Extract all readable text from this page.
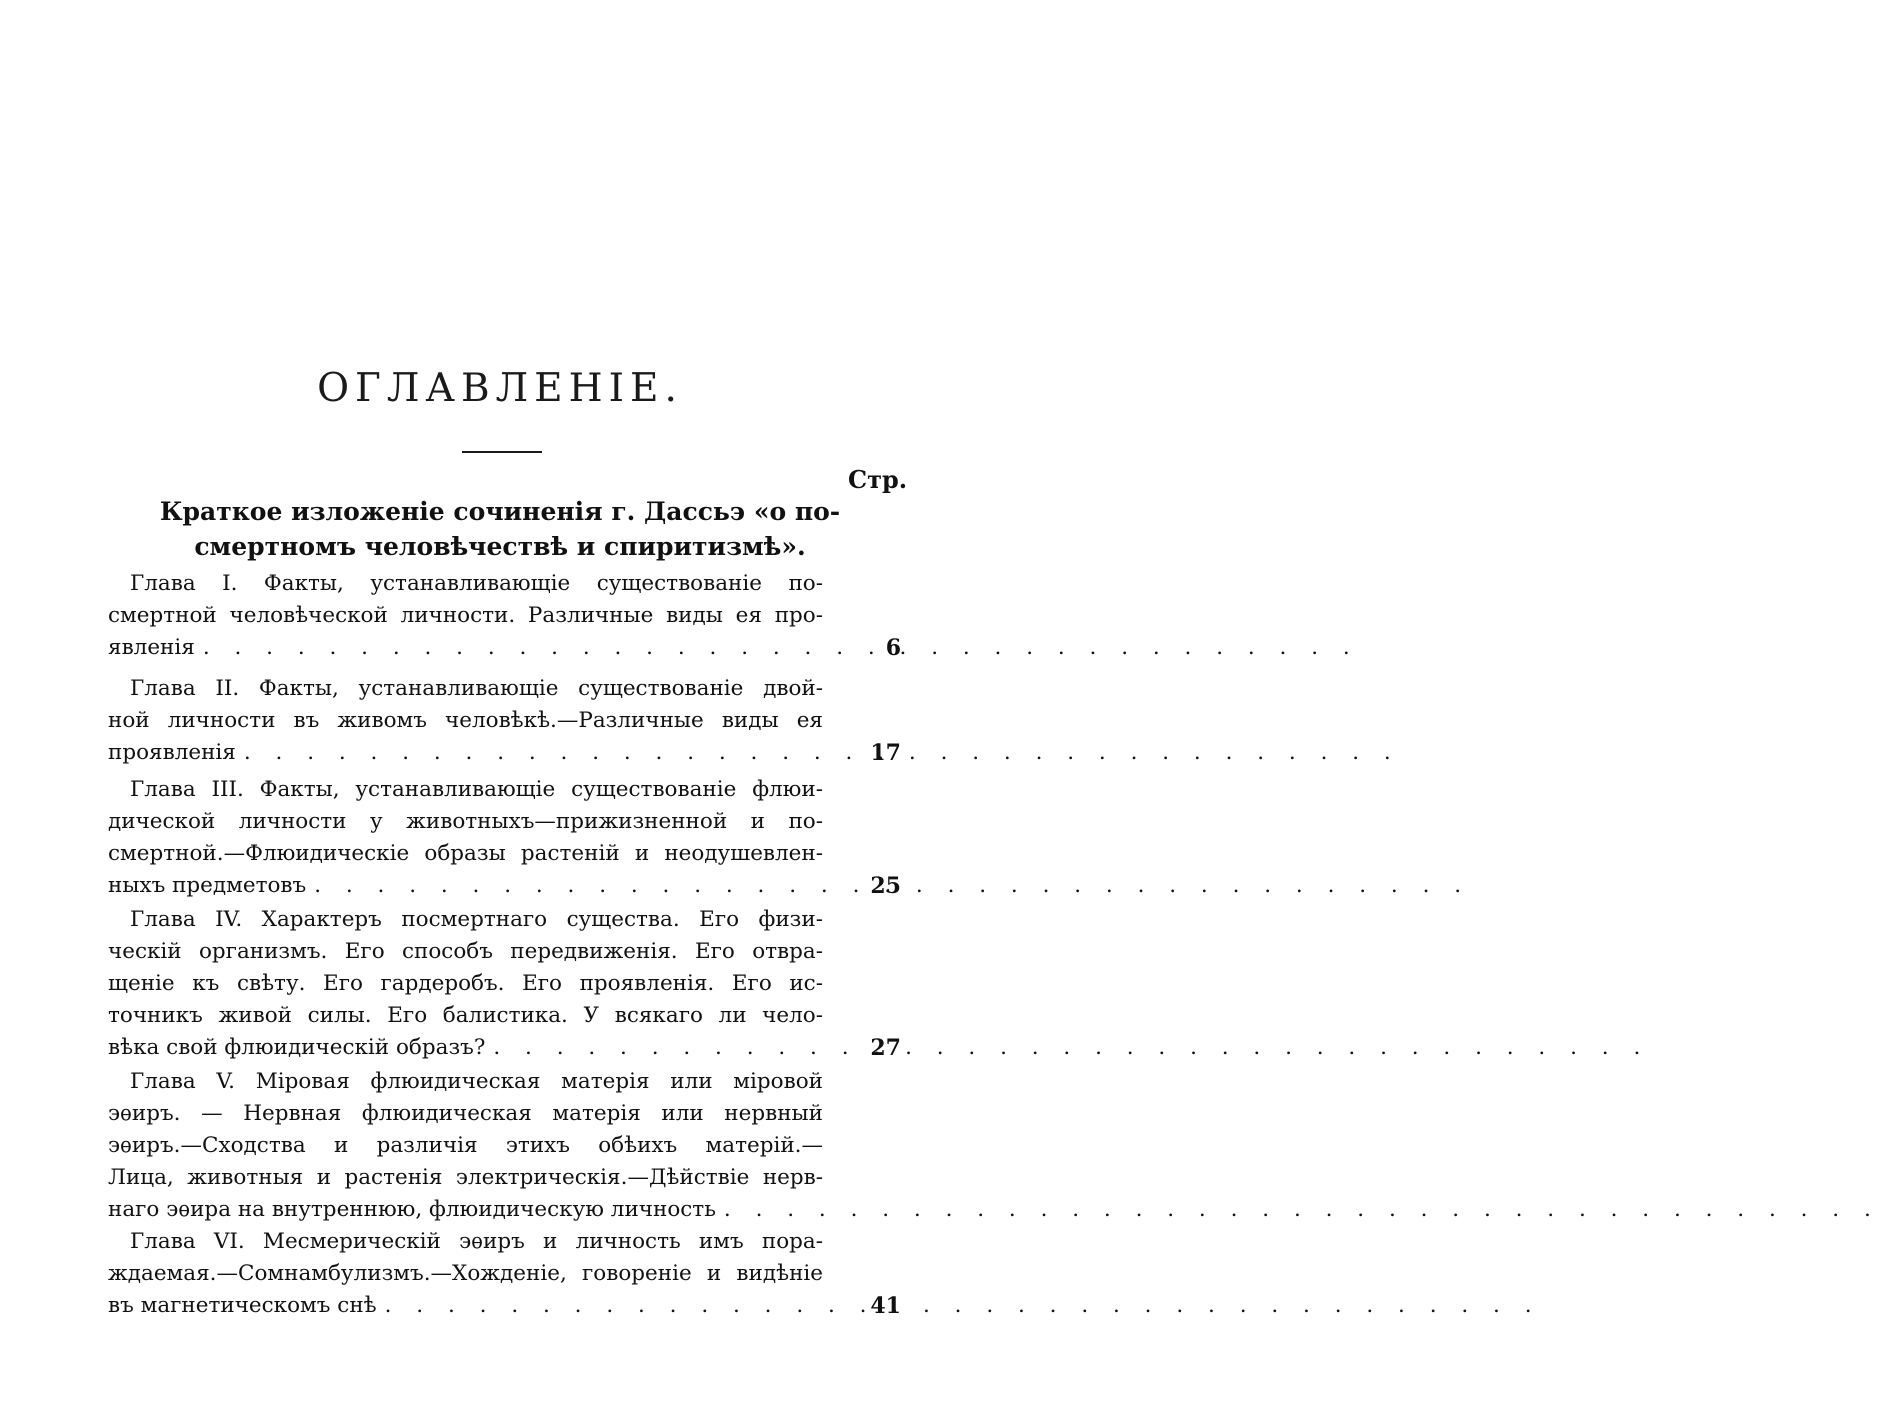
ОГЛАВЛЕНІЕ.
Стр.
Краткое изложеніе сочиненія г. Дассьэ «о по-
смертномъ человѣчествѣ и спиритизмѣ».
Глава I. Факты, устанавливающіе существованіе по-
смертной человѣческой личности. Различные виды ея про-
явленія . . .	6
Глава II. Факты, устанавливающіе существованіе двой-
ной личности въ живомъ человѣкѣ.—Различные виды ея
проявленія . . .	17
Глава III. Факты, устанавливающіе существованіе флюи-
дической личности у животныхъ—прижизненной и по-
смертной.—Флюидическіе образы растеній и неодушевлен-
ныхъ предметовъ . . .	25
Глава IV. Характеръ посмертнаго существа. Его физи-
ческій организмъ. Его способъ передвиженія. Его отвра-
щеніе къ свѣту. Его гардеробъ. Его проявленія. Его ис-
точникъ живой силы. Его балистика. У всякаго ли чело-
вѣка свой флюидическій образъ? . . .	27
Глава V. Міровая флюидическая матерія или міровой
эѳиръ. — Нервная флюидическая матерія или нервный
эѳиръ.—Сходства и различія этихъ обѣихъ матерій.—
Лица, животныя и растенія электрическія.—Дѣйствіе нерв-
наго эѳира на внутреннюю, флюидическую личность
. . .
Глава VI. Месмерическій эѳиръ и личность имъ пора-
ждаемая.—Сомнамбулизмъ.—Хожденіе, говореніе и видѣніе
въ магнетическомъ снѣ . . .	41
